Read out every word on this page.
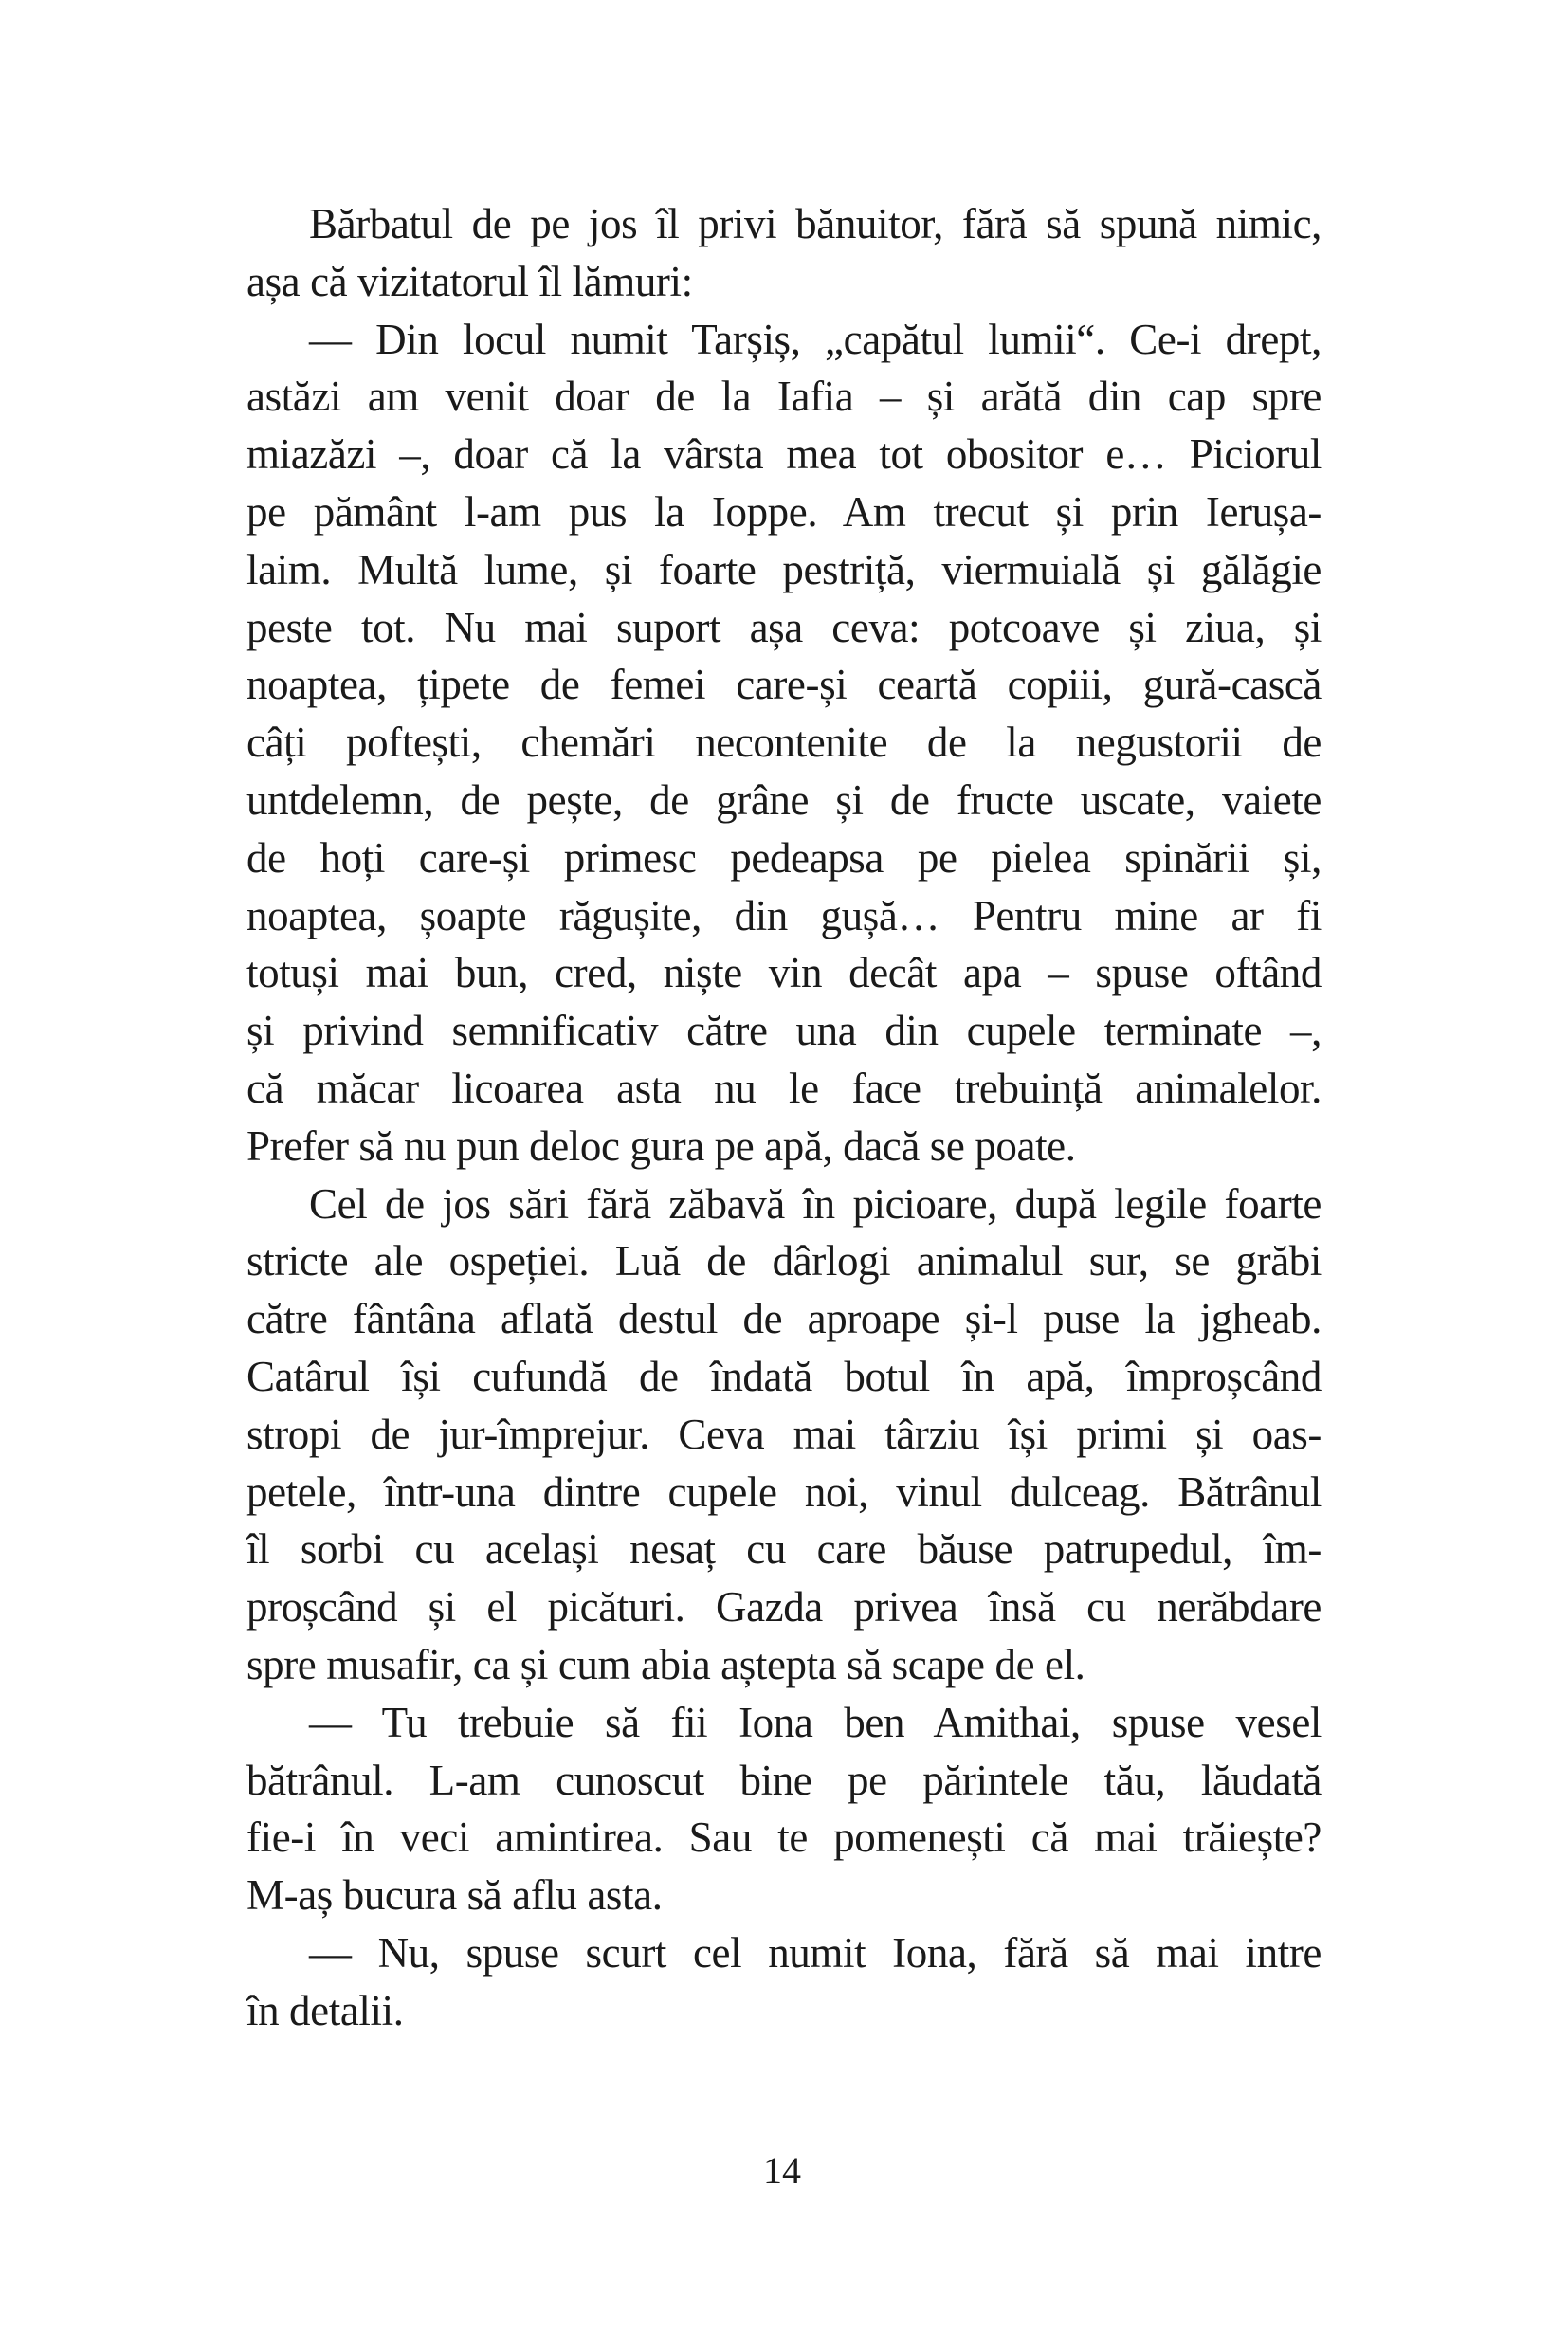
Bărbatul de pe jos îl privi bănuitor, fără să spună nimic,
așa că vizitatorul îl lămuri:
— Din locul numit Tarșiș, „capătul lumii“. Ce-i drept,
astăzi am venit doar de la Iafia – și arătă din cap spre
miazăzi –, doar că la vârsta mea tot obositor e… Piciorul
pe pământ l-am pus la Ioppe. Am trecut și prin Ierușa-
laim. Multă lume, și foarte pestriță, viermuială și gălăgie
peste tot. Nu mai suport așa ceva: potcoave și ziua, și
noaptea, țipete de femei care-și ceartă copiii, gură-cască
câți poftești, chemări necontenite de la negustorii de
untdelemn, de pește, de grâne și de fructe uscate, vaiete
de hoți care-și primesc pedeapsa pe pielea spinării și,
noaptea, șoapte răgușite, din gușă… Pentru mine ar fi
totuși mai bun, cred, niște vin decât apa – spuse oftând
și privind semnificativ către una din cupele terminate –,
că măcar licoarea asta nu le face trebuință animalelor.
Prefer să nu pun deloc gura pe apă, dacă se poate.
Cel de jos sări fără zăbavă în picioare, după legile foarte
stricte ale ospeției. Luă de dârlogi animalul sur, se grăbi
către fântâna aflată destul de aproape și-l puse la jgheab.
Catârul își cufundă de îndată botul în apă, împroșcând
stropi de jur-împrejur. Ceva mai târziu își primi și oas-
petele, într-una dintre cupele noi, vinul dulceag. Bătrânul
îl sorbi cu același nesaț cu care băuse patrupedul, îm-
proșcând și el picături. Gazda privea însă cu nerăbdare
spre musafir, ca și cum abia aștepta să scape de el.
— Tu trebuie să fii Iona ben Amithai, spuse vesel
bătrânul. L-am cunoscut bine pe părintele tău, lăudată
fie-i în veci amintirea. Sau te pomenești că mai trăiește?
M-aș bucura să aflu asta.
— Nu, spuse scurt cel numit Iona, fără să mai intre
în detalii.
14
